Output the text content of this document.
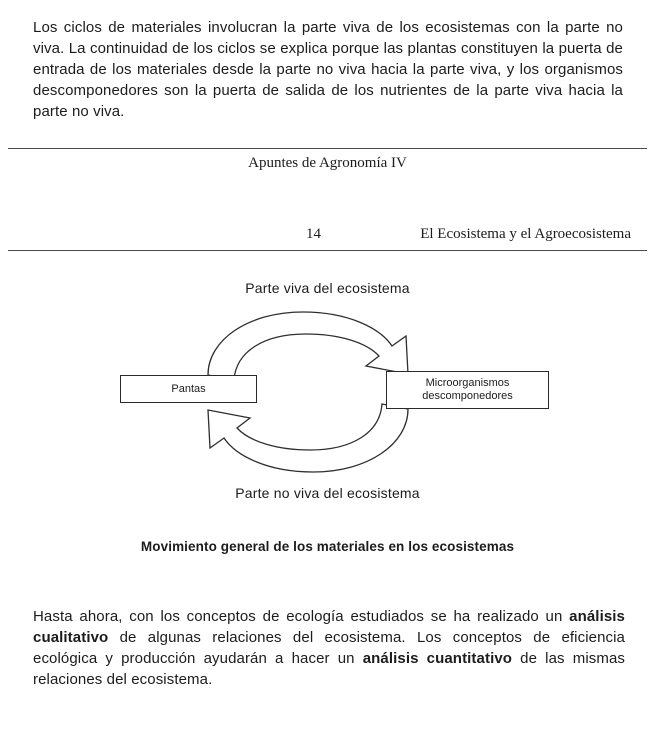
Los ciclos de materiales involucran la parte viva de los ecosistemas con la parte no viva. La continuidad de los ciclos se explica porque las plantas constituyen la puerta de entrada de los materiales desde la parte no viva hacia la parte viva, y los organismos descomponedores son la puerta de salida de los nutrientes de la parte viva hacia la parte no viva.
Apuntes de Agronomía IV
14	El Ecosistema y el Agroecosistema
Parte viva del ecosistema
Pantas	Microorganismos descomponedores
Parte no viva del ecosistema
Movimiento general de los materiales en los ecosistemas
Hasta ahora, con los conceptos de ecología estudiados se ha realizado un análisis cualitativo de algunas relaciones del ecosistema. Los conceptos de eficiencia ecológica y producción ayudarán a hacer un análisis cuantitativo de las mismas relaciones del ecosistema.
